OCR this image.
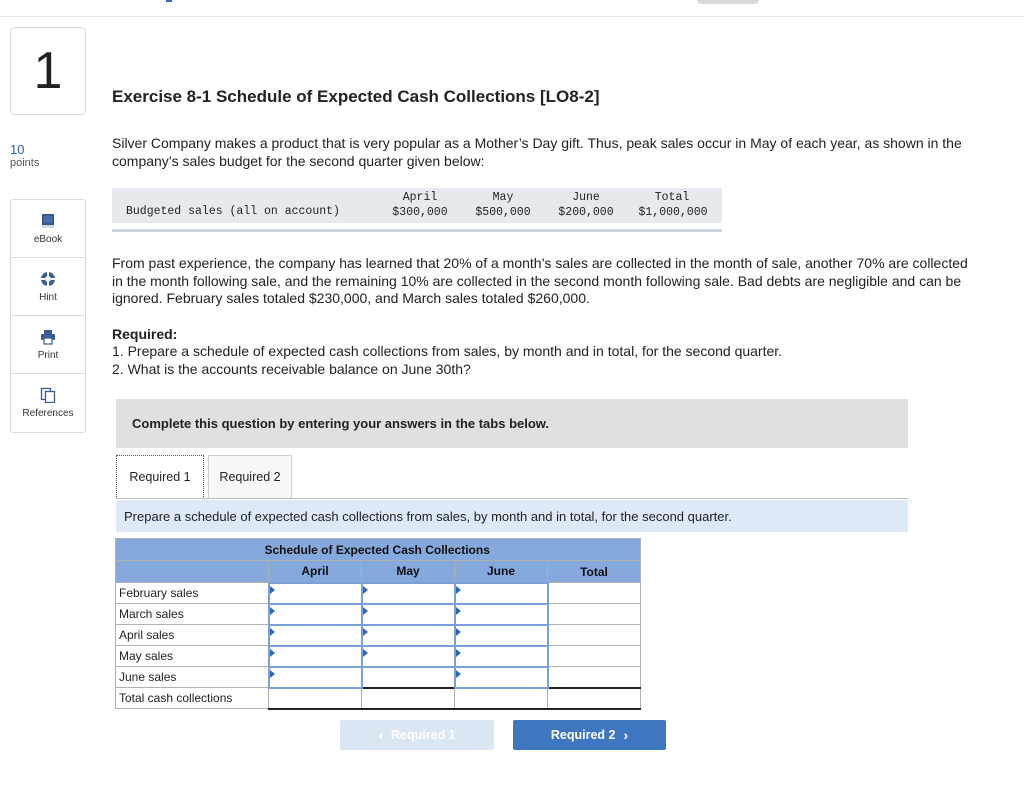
1
10
points
eBook
Hint
Print
References
Exercise 8-1 Schedule of Expected Cash Collections [LO8-2]
Silver Company makes a product that is very popular as a Mother’s Day gift. Thus, peak sales occur in May of each year, as shown in the company’s sales budget for the second quarter given below:
Budgeted sales (all on account)
April	May	June	Total
$300,000	$500,000	$200,000	$1,000,000
From past experience, the company has learned that 20% of a month’s sales are collected in the month of sale, another 70% are collected in the month following sale, and the remaining 10% are collected in the second month following sale. Bad debts are negligible and can be ignored. February sales totaled $230,000, and March sales totaled $260,000.
Required:
1. Prepare a schedule of expected cash collections from sales, by month and in total, for the second quarter.
2. What is the accounts receivable balance on June 30th?
Complete this question by entering your answers in the tabs below.
Required 1	Required 2
Prepare a schedule of expected cash collections from sales, by month and in total, for the second quarter.
	Schedule of Expected Cash Collections			
	April	May	June	Total
February sales				
March sales				
April sales				
May sales				
June sales				
Total cash collections				
‹ Required 1	Required 2 ›
